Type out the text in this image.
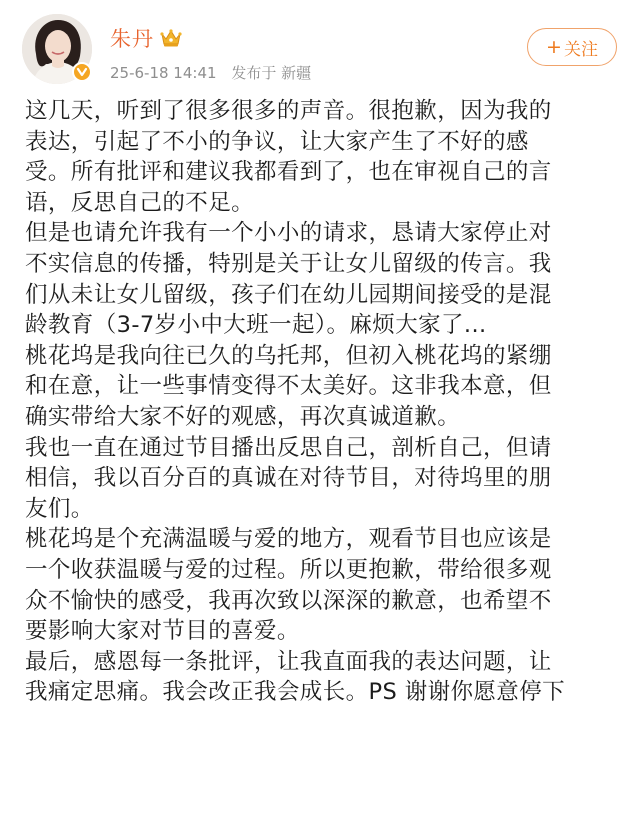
朱丹
25-6-18 14:41 发布于 新疆
+ 关注
这几天，听到了很多很多的声音。很抱歉，因为我的
表达，引起了不小的争议，让大家产生了不好的感
受。所有批评和建议我都看到了，也在审视自己的言
语，反思自己的不足。
但是也请允许我有一个小小的请求，恳请大家停止对
不实信息的传播，特别是关于让女儿留级的传言。我
们从未让女儿留级，孩子们在幼儿园期间接受的是混
龄教育（3-7岁小中大班一起）。麻烦大家了...
桃花坞是我向往已久的乌托邦，但初入桃花坞的紧绷
和在意，让一些事情变得不太美好。这非我本意，但
确实带给大家不好的观感，再次真诚道歉。
我也一直在通过节目播出反思自己，剖析自己，但请
相信，我以百分百的真诚在对待节目，对待坞里的朋
友们。
桃花坞是个充满温暖与爱的地方，观看节目也应该是
一个收获温暖与爱的过程。所以更抱歉，带给很多观
众不愉快的感受，我再次致以深深的歉意，也希望不
要影响大家对节目的喜爱。
最后，感恩每一条批评，让我直面我的表达问题，让
我痛定思痛。我会改正我会成长。PS 谢谢你愿意停下
